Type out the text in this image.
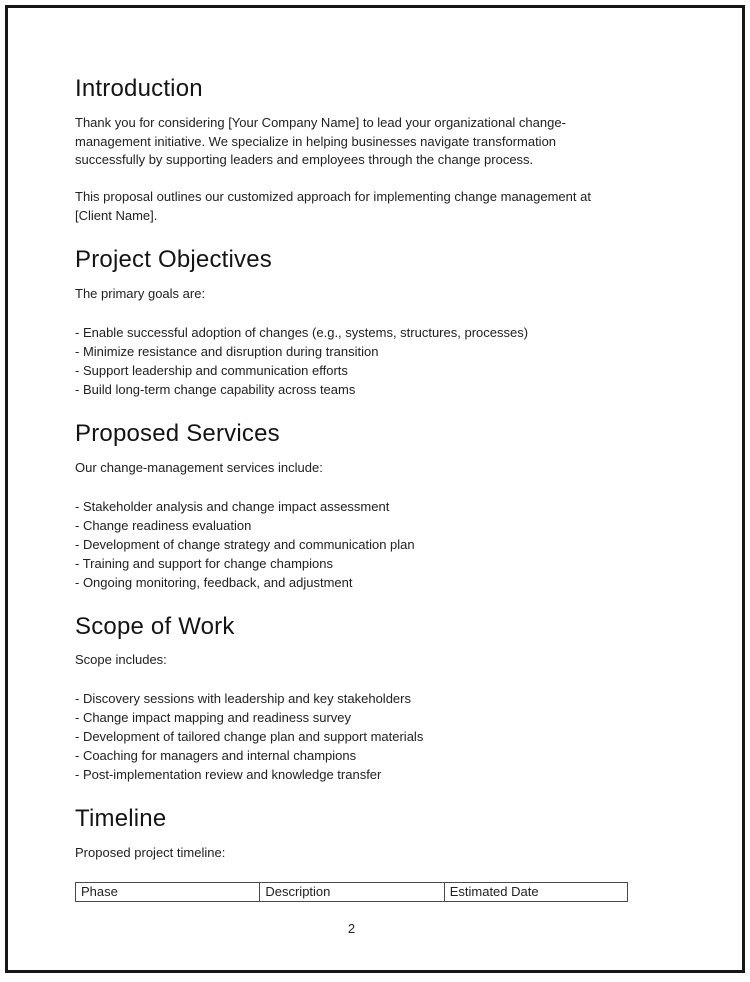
Introduction

Thank you for considering [Your Company Name] to lead your organizational change-management initiative. We specialize in helping businesses navigate transformation successfully by supporting leaders and employees through the change process.

This proposal outlines our customized approach for implementing change management at [Client Name].

Project Objectives

The primary goals are:

- Enable successful adoption of changes (e.g., systems, structures, processes)

- Minimize resistance and disruption during transition

- Support leadership and communication efforts

- Build long-term change capability across teams

Proposed Services

Our change-management services include:

- Stakeholder analysis and change impact assessment

- Change readiness evaluation

- Development of change strategy and communication plan

- Training and support for change champions

- Ongoing monitoring, feedback, and adjustment

Scope of Work

Scope includes:

- Discovery sessions with leadership and key stakeholders

- Change impact mapping and readiness survey

- Development of tailored change plan and support materials

- Coaching for managers and internal champions

- Post-implementation review and knowledge transfer

Timeline

Proposed project timeline:

Phase	Description	Estimated Date
2
